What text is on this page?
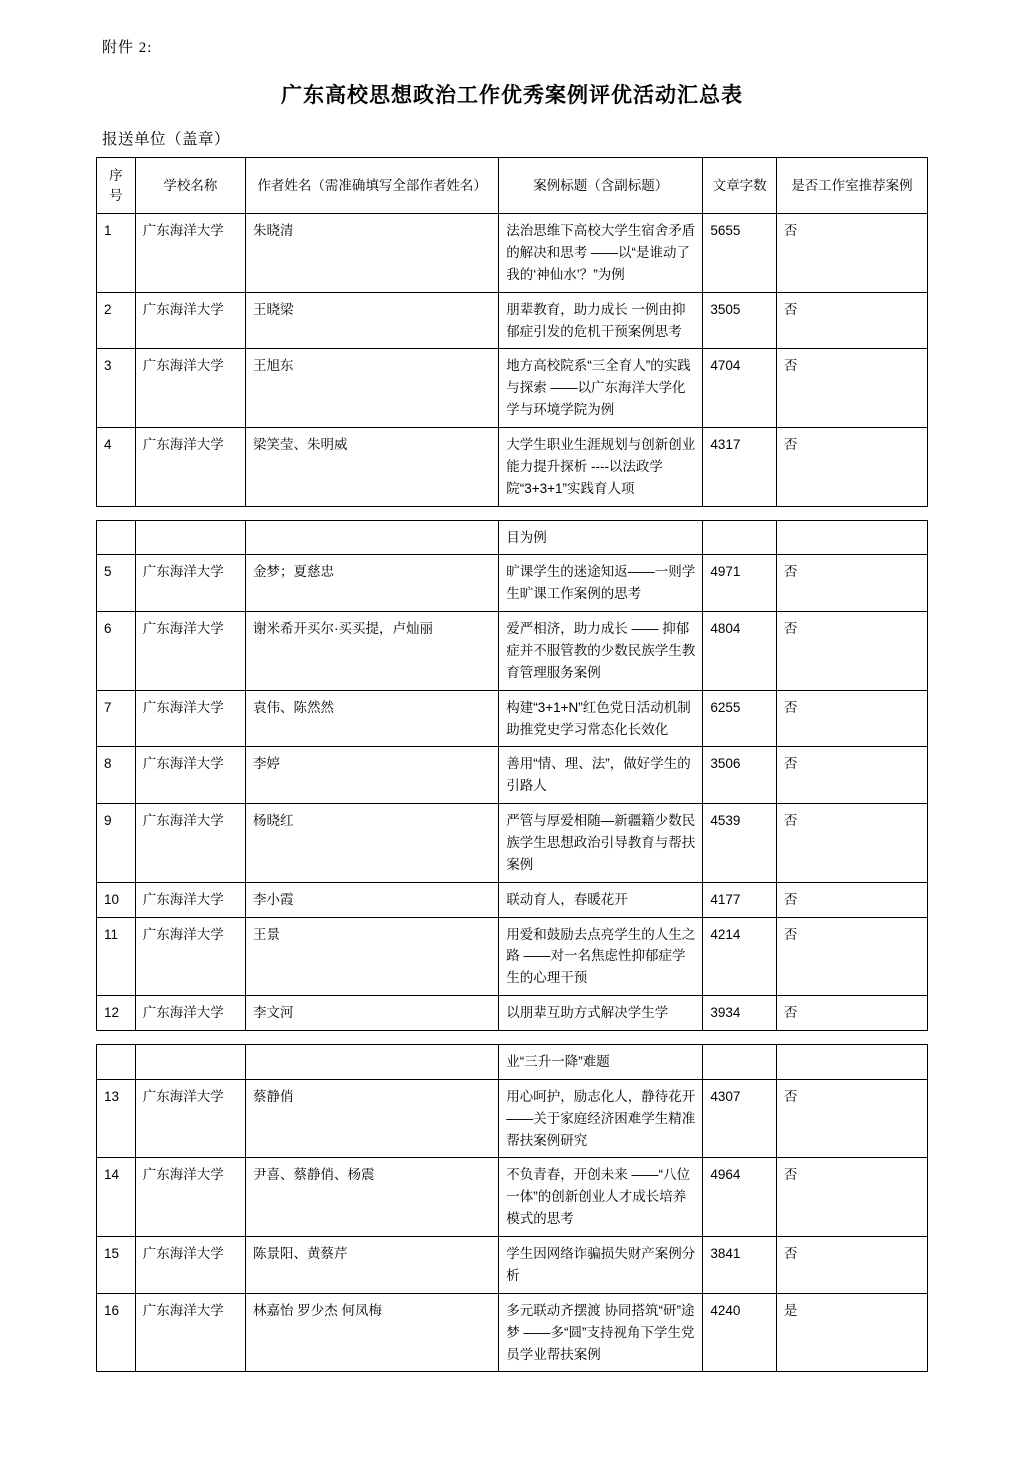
附件 2:
广东高校思想政治工作优秀案例评优活动汇总表
报送单位（盖章）
序
号	学校名称	作者姓名（需准确填写全部作者姓名）	案例标题（含副标题）	文章字数	是否工作室推荐案例
1	广东海洋大学	朱晓清	法治思维下高校大学生宿舍矛盾的解决和思考 ——以“是谁动了我的‘神仙水’？”为例	5655	否
2	广东海洋大学	王晓梁	朋辈教育，助力成长 一例由抑郁症引发的危机干预案例思考	3505	否
3	广东海洋大学	王旭东	地方高校院系“三全育人”的实践与探索 ——以广东海洋大学化学与环境学院为例	4704	否
4	广东海洋大学	梁笑莹、朱明威	大学生职业生涯规划与创新创业能力提升探析 ----以法政学院“3+3+1”实践育人项	4317	否
			目为例		
5	广东海洋大学	金梦；夏慈忠	旷课学生的迷途知返——一则学生旷课工作案例的思考	4971	否
6	广东海洋大学	谢米希开买尔·买买提，卢灿丽	爱严相济，助力成长 —— 抑郁症并不服管教的少数民族学生教育管理服务案例	4804	否
7	广东海洋大学	袁伟、陈然然	构建“3+1+N”红色党日活动机制 助推党史学习常态化长效化	6255	否
8	广东海洋大学	李婷	善用“情、理、法”，做好学生的引路人	3506	否
9	广东海洋大学	杨晓红	严管与厚爱相随—新疆籍少数民族学生思想政治引导教育与帮扶案例	4539	否
10	广东海洋大学	李小霞	联动育人，春暖花开	4177	否
11	广东海洋大学	王景	用爱和鼓励去点亮学生的人生之路 ——对一名焦虑性抑郁症学生的心理干预	4214	否
12	广东海洋大学	李文河	以朋辈互助方式解决学生学	3934	否
			业“三升一降”难题		
13	广东海洋大学	蔡静俏	用心呵护，励志化人，静待花开 ——关于家庭经济困难学生精准帮扶案例研究	4307	否
14	广东海洋大学	尹喜、蔡静俏、杨震	不负青春，开创未来 ——“八位一体”的创新创业人才成长培养模式的思考	4964	否
15	广东海洋大学	陈景阳、黄蔡芹	学生因网络诈骗损失财产案例分析	3841	否
16	广东海洋大学	林嘉怡 罗少杰 何凤梅	多元联动齐摆渡 协同搭筑“研”途梦 ——多“圆”支持视角下学生党员学业帮扶案例	4240	是
